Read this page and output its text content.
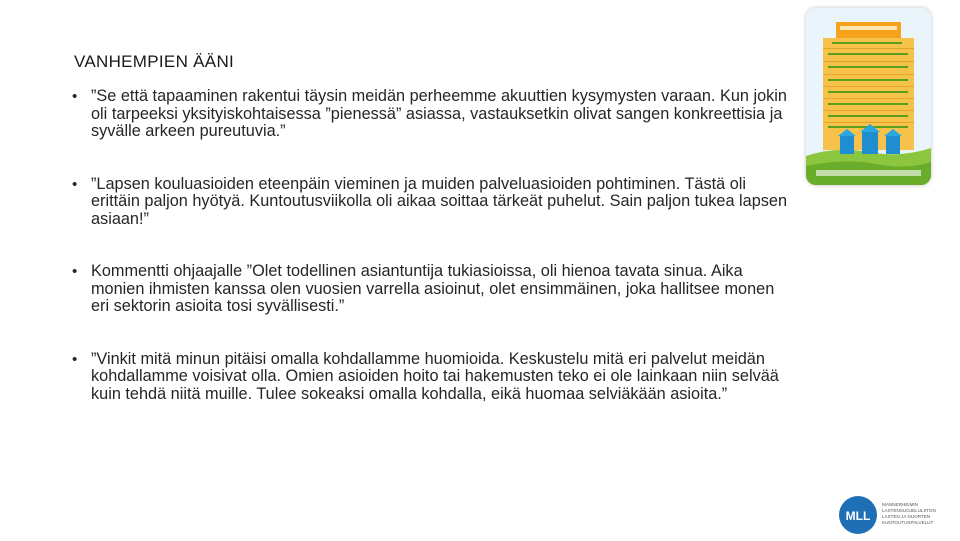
VANHEMPIEN ÄÄNI
• ”Se että tapaaminen rakentui täysin meidän perheemme akuuttien kysymysten varaan. Kun jokin oli tarpeeksi yksityiskohtaisessa ”pienessä” asiassa, vastauksetkin olivat sangen konkreettisia ja syvälle arkeen pureutuvia.”
• ”Lapsen kouluasioiden eteenpäin vieminen ja muiden palveluasioiden pohtiminen. Tästä oli erittäin paljon hyötyä. Kuntoutusviikolla oli aikaa soittaa tärkeät puhelut. Sain paljon tukea lapsen asiaan!”
• Kommentti ohjaajalle ”Olet todellinen asiantuntija tukiasioissa, oli hienoa tavata sinua. Aika monien ihmisten kanssa olen vuosien varrella asioinut, olet ensimmäinen, joka hallitsee monen eri sektorin asioita tosi syvällisesti.”
• ”Vinkit mitä minun pitäisi omalla kohdallamme huomioida. Keskustelu mitä eri palvelut meidän kohdallamme voisivat olla. Omien asioiden hoito tai hakemusten teko ei ole lainkaan niin selvää kuin tehdä niitä muille. Tulee sokeaksi omalla kohdalla, eikä huomaa selviäkään asioita.”
MLL
MANNERHEIMIN
LASTENSUOJELULIITON
LASTEN JA NUORTEN
KUNTOUTUSPALVELUT
